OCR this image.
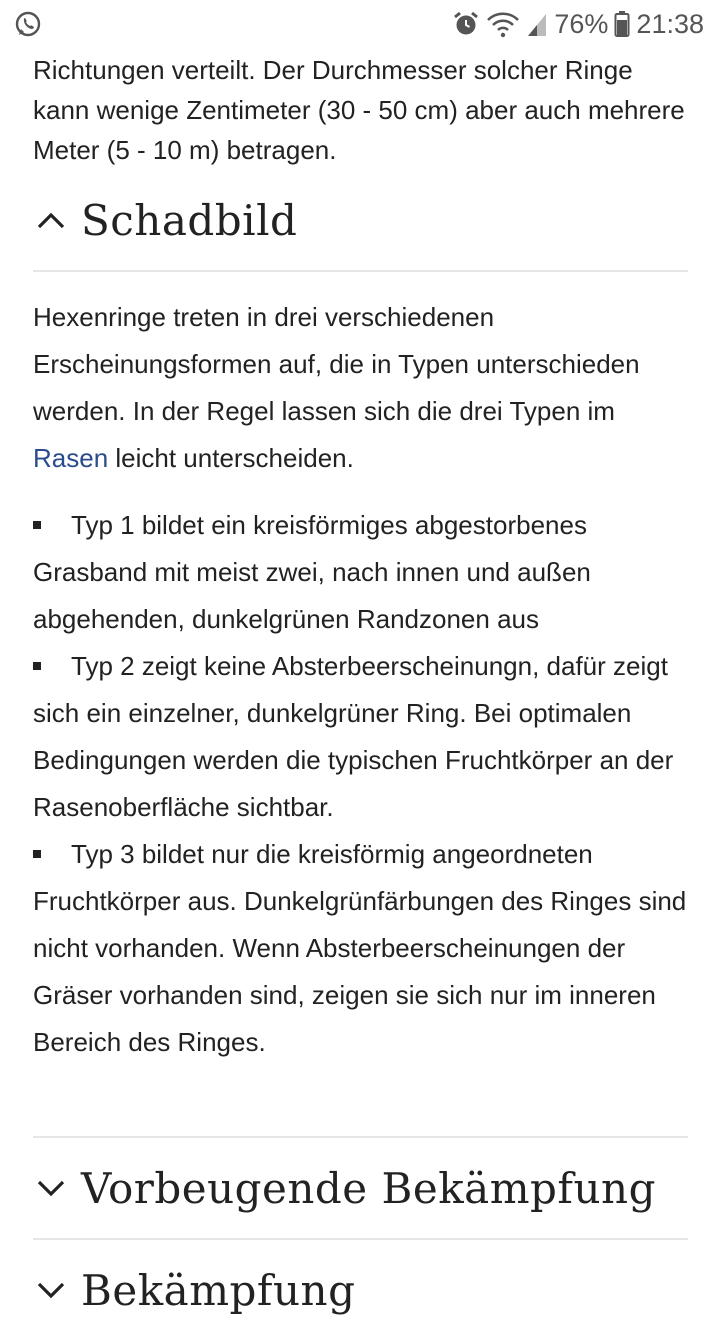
76% 21:38

Richtungen verteilt. Der Durchmesser solcher Ringe kann wenige Zentimeter (30 - 50 cm) aber auch mehrere Meter (5 - 10 m) betragen.

Schadbild

Hexenringe treten in drei verschiedenen Erscheinungsformen auf, die in Typen unterschieden werden. In der Regel lassen sich die drei Typen im Rasen leicht unterscheiden.

Typ 1 bildet ein kreisförmiges abgestorbenes Grasband mit meist zwei, nach innen und außen abgehenden, dunkelgrünen Randzonen aus
Typ 2 zeigt keine Absterbeerscheinungn, dafür zeigt sich ein einzelner, dunkelgrüner Ring. Bei optimalen Bedingungen werden die typischen Fruchtkörper an der Rasenoberfläche sichtbar.
Typ 3 bildet nur die kreisförmig angeordneten Fruchtkörper aus. Dunkelgrünfärbungen des Ringes sind nicht vorhanden. Wenn Absterbeerscheinungen der Gräser vorhanden sind, zeigen sie sich nur im inneren Bereich des Ringes.
Vorbeugende Bekämpfung
Bekämpfung
